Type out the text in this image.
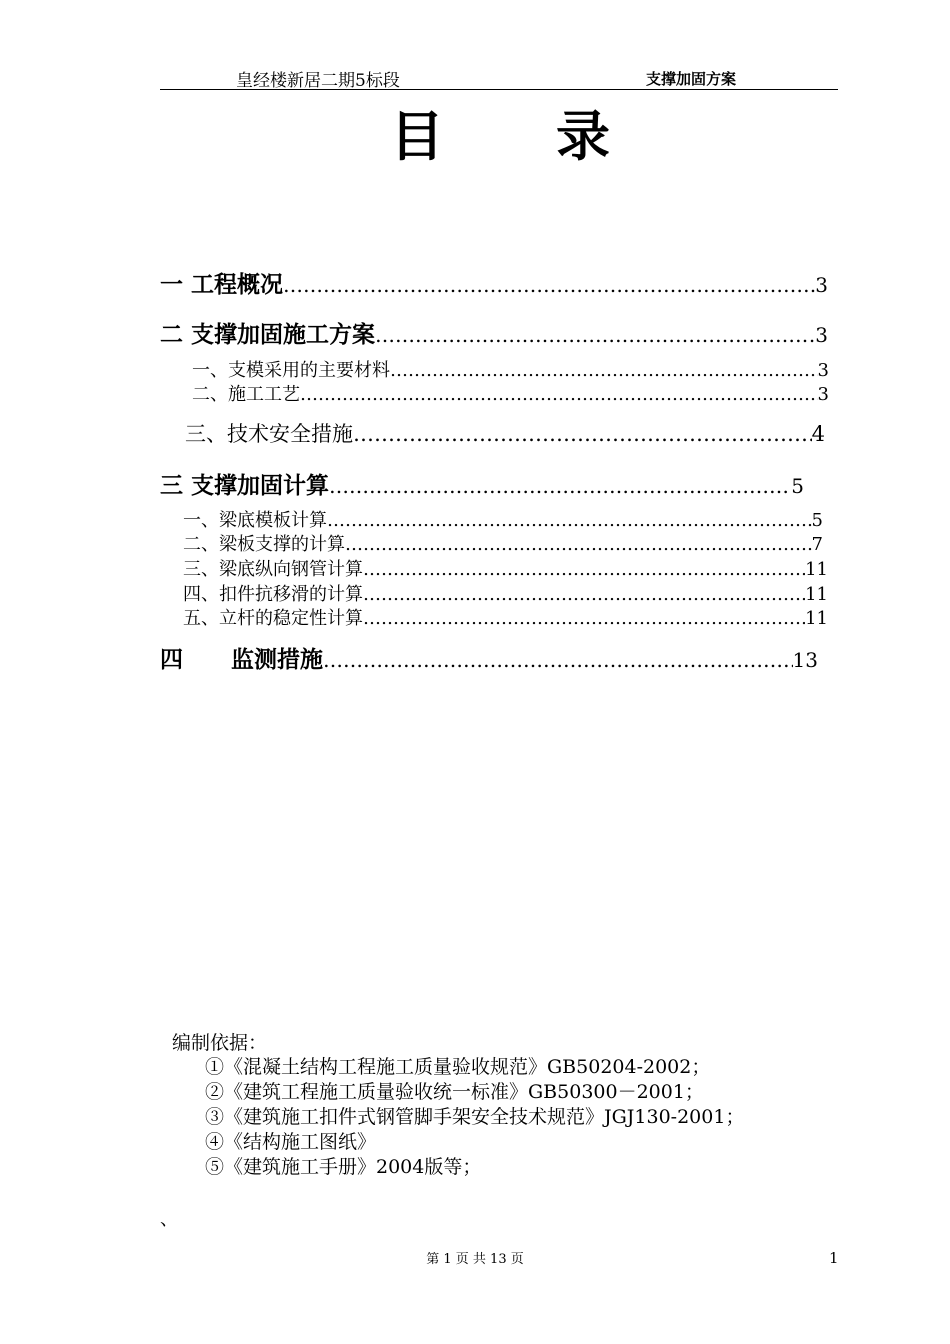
皇经楼新居二期5标段	支撑加固方案
目 录
一 工程概况 ………………………………………………………………………………………………………………………………………………………………	3
二 支撑加固施工方案 ………………………………………………………………………………………………………………………………………………………………	.3
一、支模采用的主要材料 ………………………………………………………………………………………………………………………………………………………………	3
二、施工工艺 ………………………………………………………………………………………………………………………………………………………………	3
三、技术安全措施 ………………………………………………………………………………………………………………………………………………………………	4
三 支撑加固计算 ………………………………………………………………………………………………………………………………………………………………	5
一、梁底模板计算 ………………………………………………………………………………………………………………………………………………………………	5
二、梁板支撑的计算 ………………………………………………………………………………………………………………………………………………………………	7
三、梁底纵向钢管计算 ………………………………………………………………………………………………………………………………………………………………	11
四、扣件抗移滑的计算 ………………………………………………………………………………………………………………………………………………………………	11
五、立杆的稳定性计算 ………………………………………………………………………………………………………………………………………………………………	11
四      监测措施 ………………………………………………………………………………………………………………………………………………………………	13
编制依据：
①《混凝土结构工程施工质量验收规范》GB50204-2002；
②《建筑工程施工质量验收统一标准》GB50300－2001；
③《建筑施工扣件式钢管脚手架安全技术规范》JGJ130-2001；
④《结构施工图纸》
⑤《建筑施工手册》2004版等；
、
第 1 页 共 13 页	1
